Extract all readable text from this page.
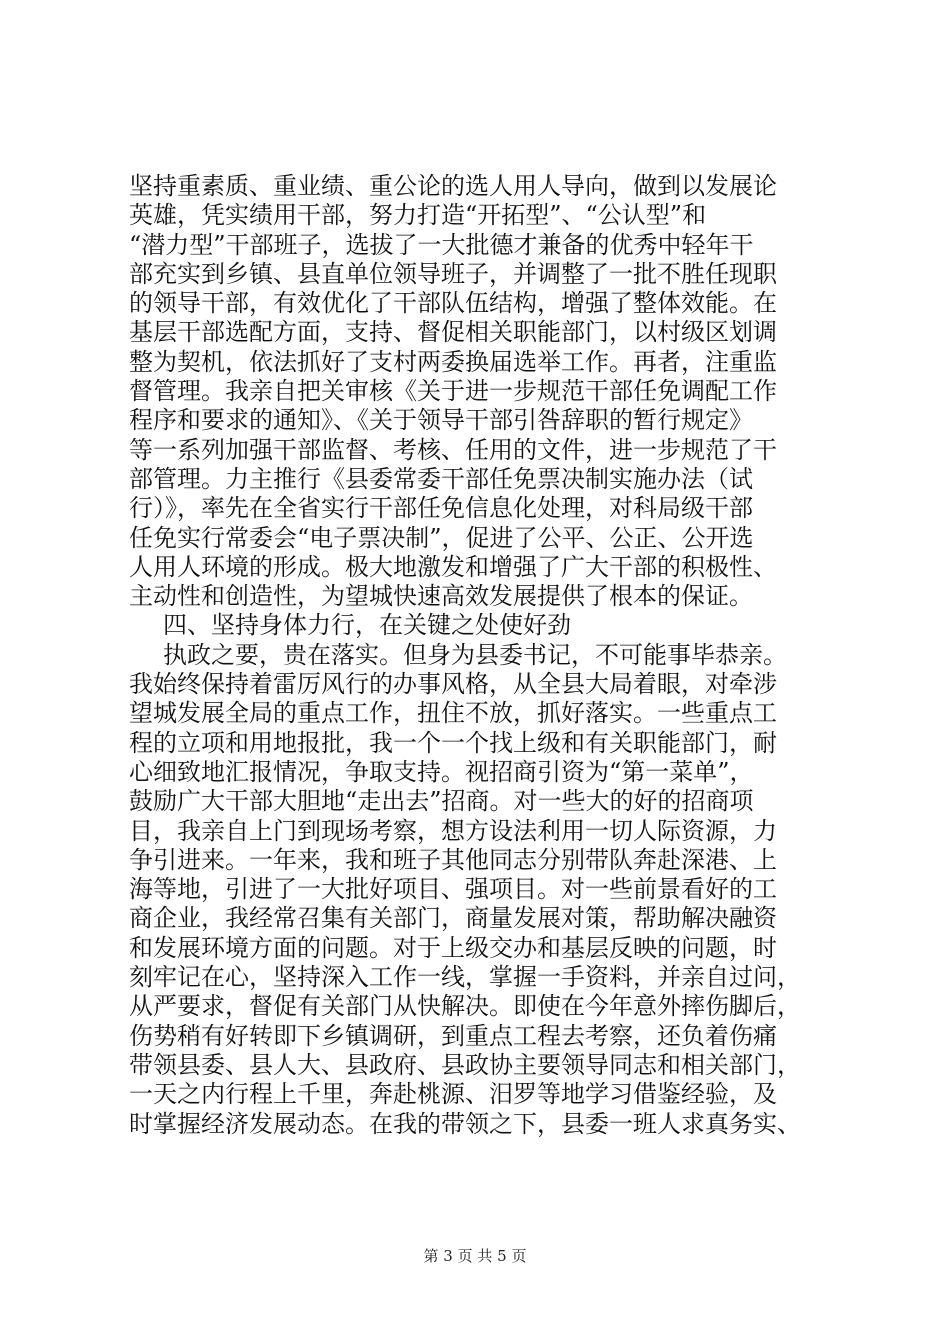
坚持重素质、重业绩、重公论的选人用人导向，做到以发展论
英雄，凭实绩用干部，努力打造“开拓型”、“公认型”和
“潜力型”干部班子，选拔了一大批德才兼备的优秀中轻年干
部充实到乡镇、县直单位领导班子，并调整了一批不胜任现职
的领导干部，有效优化了干部队伍结构，增强了整体效能。在
基层干部选配方面，支持、督促相关职能部门，以村级区划调
整为契机，依法抓好了支村两委换届选举工作。再者，注重监
督管理。我亲自把关审核《关于进一步规范干部任免调配工作
程序和要求的通知》、《关于领导干部引咎辞职的暂行规定》
等一系列加强干部监督、考核、任用的文件，进一步规范了干
部管理。力主推行《县委常委干部任免票决制实施办法（试
行）》，率先在全省实行干部任免信息化处理，对科局级干部
任免实行常委会“电子票决制”，促进了公平、公正、公开选
人用人环境的形成。极大地激发和增强了广大干部的积极性、
主动性和创造性，为望城快速高效发展提供了根本的保证。
四、坚持身体力行，在关键之处使好劲
执政之要，贵在落实。但身为县委书记，不可能事毕恭亲。
我始终保持着雷厉风行的办事风格，从全县大局着眼，对牵涉
望城发展全局的重点工作，扭住不放，抓好落实。一些重点工
程的立项和用地报批，我一个一个找上级和有关职能部门，耐
心细致地汇报情况，争取支持。视招商引资为“第一菜单”，
鼓励广大干部大胆地“走出去”招商。对一些大的好的招商项
目，我亲自上门到现场考察，想方设法利用一切人际资源，力
争引进来。一年来，我和班子其他同志分别带队奔赴深港、上
海等地，引进了一大批好项目、强项目。对一些前景看好的工
商企业，我经常召集有关部门，商量发展对策，帮助解决融资
和发展环境方面的问题。对于上级交办和基层反映的问题，时
刻牢记在心，坚持深入工作一线，掌握一手资料，并亲自过问，
从严要求，督促有关部门从快解决。即使在今年意外摔伤脚后，
伤势稍有好转即下乡镇调研，到重点工程去考察，还负着伤痛
带领县委、县人大、县政府、县政协主要领导同志和相关部门，
一天之内行程上千里，奔赴桃源、汨罗等地学习借鉴经验，及
时掌握经济发展动态。在我的带领之下，县委一班人求真务实、
第 3 页 共 5 页
